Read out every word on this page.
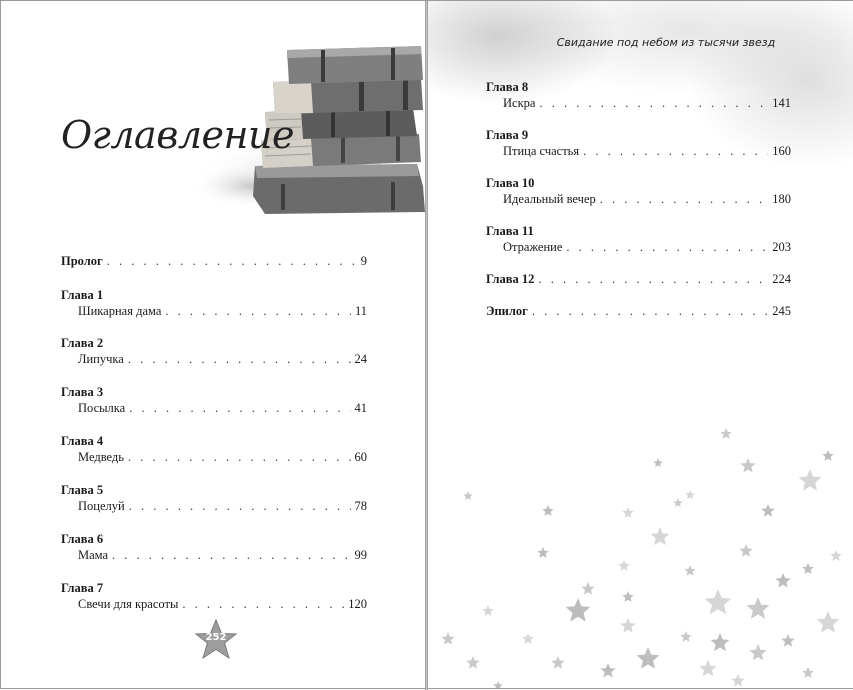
Оглавление
Пролог . . .	9
Глава 1
Шикарная дама . . .	11
Глава 2
Липучка . . .	24
Глава 3
Посылка . . .	41
Глава 4
Медведь . . .	60
Глава 5
Поцелуй . . .	78
Глава 6
Мама . . .	99
Глава 7
Свечи для красоты . . .	120
252
Свидание под небом из тысячи звезд
Глава 8
Искра . . .	141
Глава 9
Птица счастья . . .	160
Глава 10
Идеальный вечер . . .	180
Глава 11
Отражение . . .	203
Глава 12 . . .	224
Эпилог . . .	245
